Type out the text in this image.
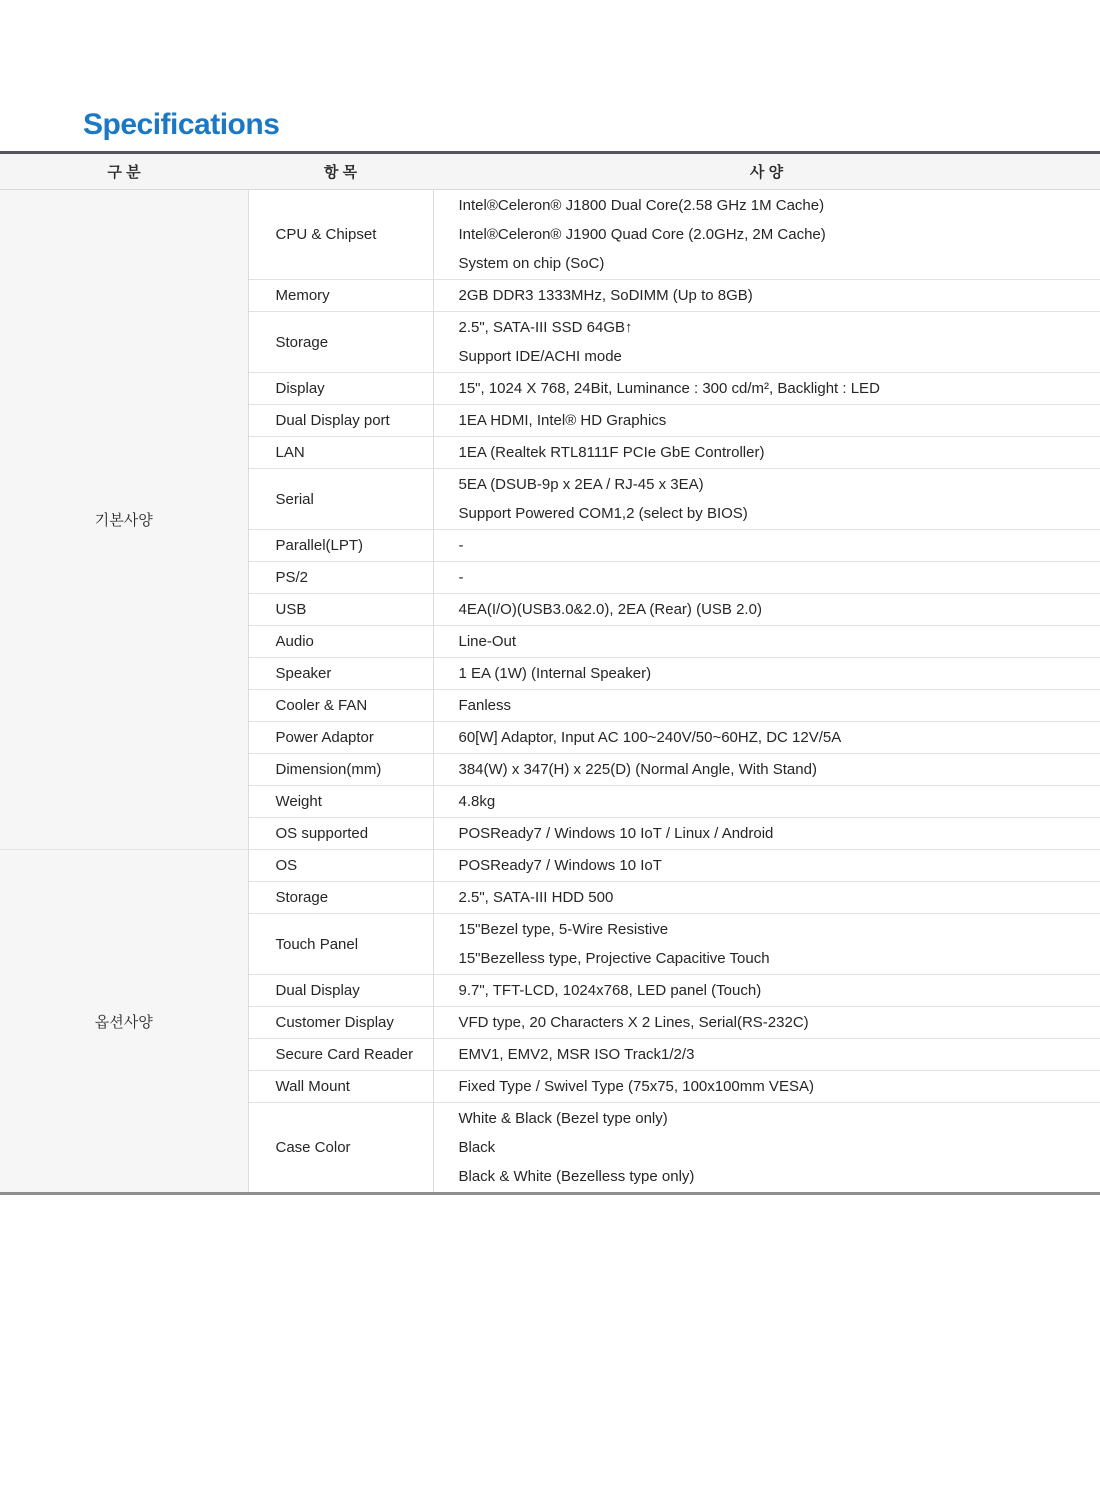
Specifications
구 분	항 목	사 양
기본사양	CPU & Chipset	Intel®Celeron® J1800 Dual Core(2.58 GHz 1M Cache)
Intel®Celeron® J1900 Quad Core (2.0GHz, 2M Cache)
System on chip (SoC)

	Memory	2GB DDR3 1333MHz, SoDIMM (Up to 8GB)

	Storage	2.5", SATA-III SSD 64GB↑
Support IDE/ACHI mode

	Display	15", 1024 X 768, 24Bit, Luminance : 300 cd/m², Backlight : LED

	Dual Display port	1EA HDMI, Intel® HD Graphics

	LAN	1EA (Realtek RTL8111F PCIe GbE Controller)

	Serial	5EA (DSUB-9p x 2EA / RJ-45 x 3EA)
Support Powered COM1,2 (select by BIOS)

	Parallel(LPT)	-

	PS/2	-

	USB	4EA(I/O)(USB3.0&2.0), 2EA (Rear) (USB 2.0)

	Audio	Line-Out

	Speaker	1 EA (1W) (Internal Speaker)

	Cooler & FAN	Fanless

	Power Adaptor	60[W] Adaptor, Input AC 100~240V/50~60HZ, DC 12V/5A

	Dimension(mm)	384(W) x 347(H) x 225(D) (Normal Angle, With Stand)

	Weight	4.8kg

	OS supported	POSReady7 / Windows 10 IoT / Linux / Android

옵션사양	OS	POSReady7 / Windows 10 IoT

	Storage	2.5", SATA-III HDD 500

	Touch Panel	15"Bezel type, 5-Wire Resistive
15"Bezelless type, Projective Capacitive Touch

	Dual Display	9.7", TFT-LCD, 1024x768, LED panel (Touch)

	Customer Display	VFD type, 20 Characters X 2 Lines, Serial(RS-232C)

	Secure Card Reader	EMV1, EMV2, MSR ISO Track1/2/3

	Wall Mount	Fixed Type / Swivel Type (75x75, 100x100mm VESA)

	Case Color	White & Black (Bezel type only)
Black
Black & White (Bezelless type only)
